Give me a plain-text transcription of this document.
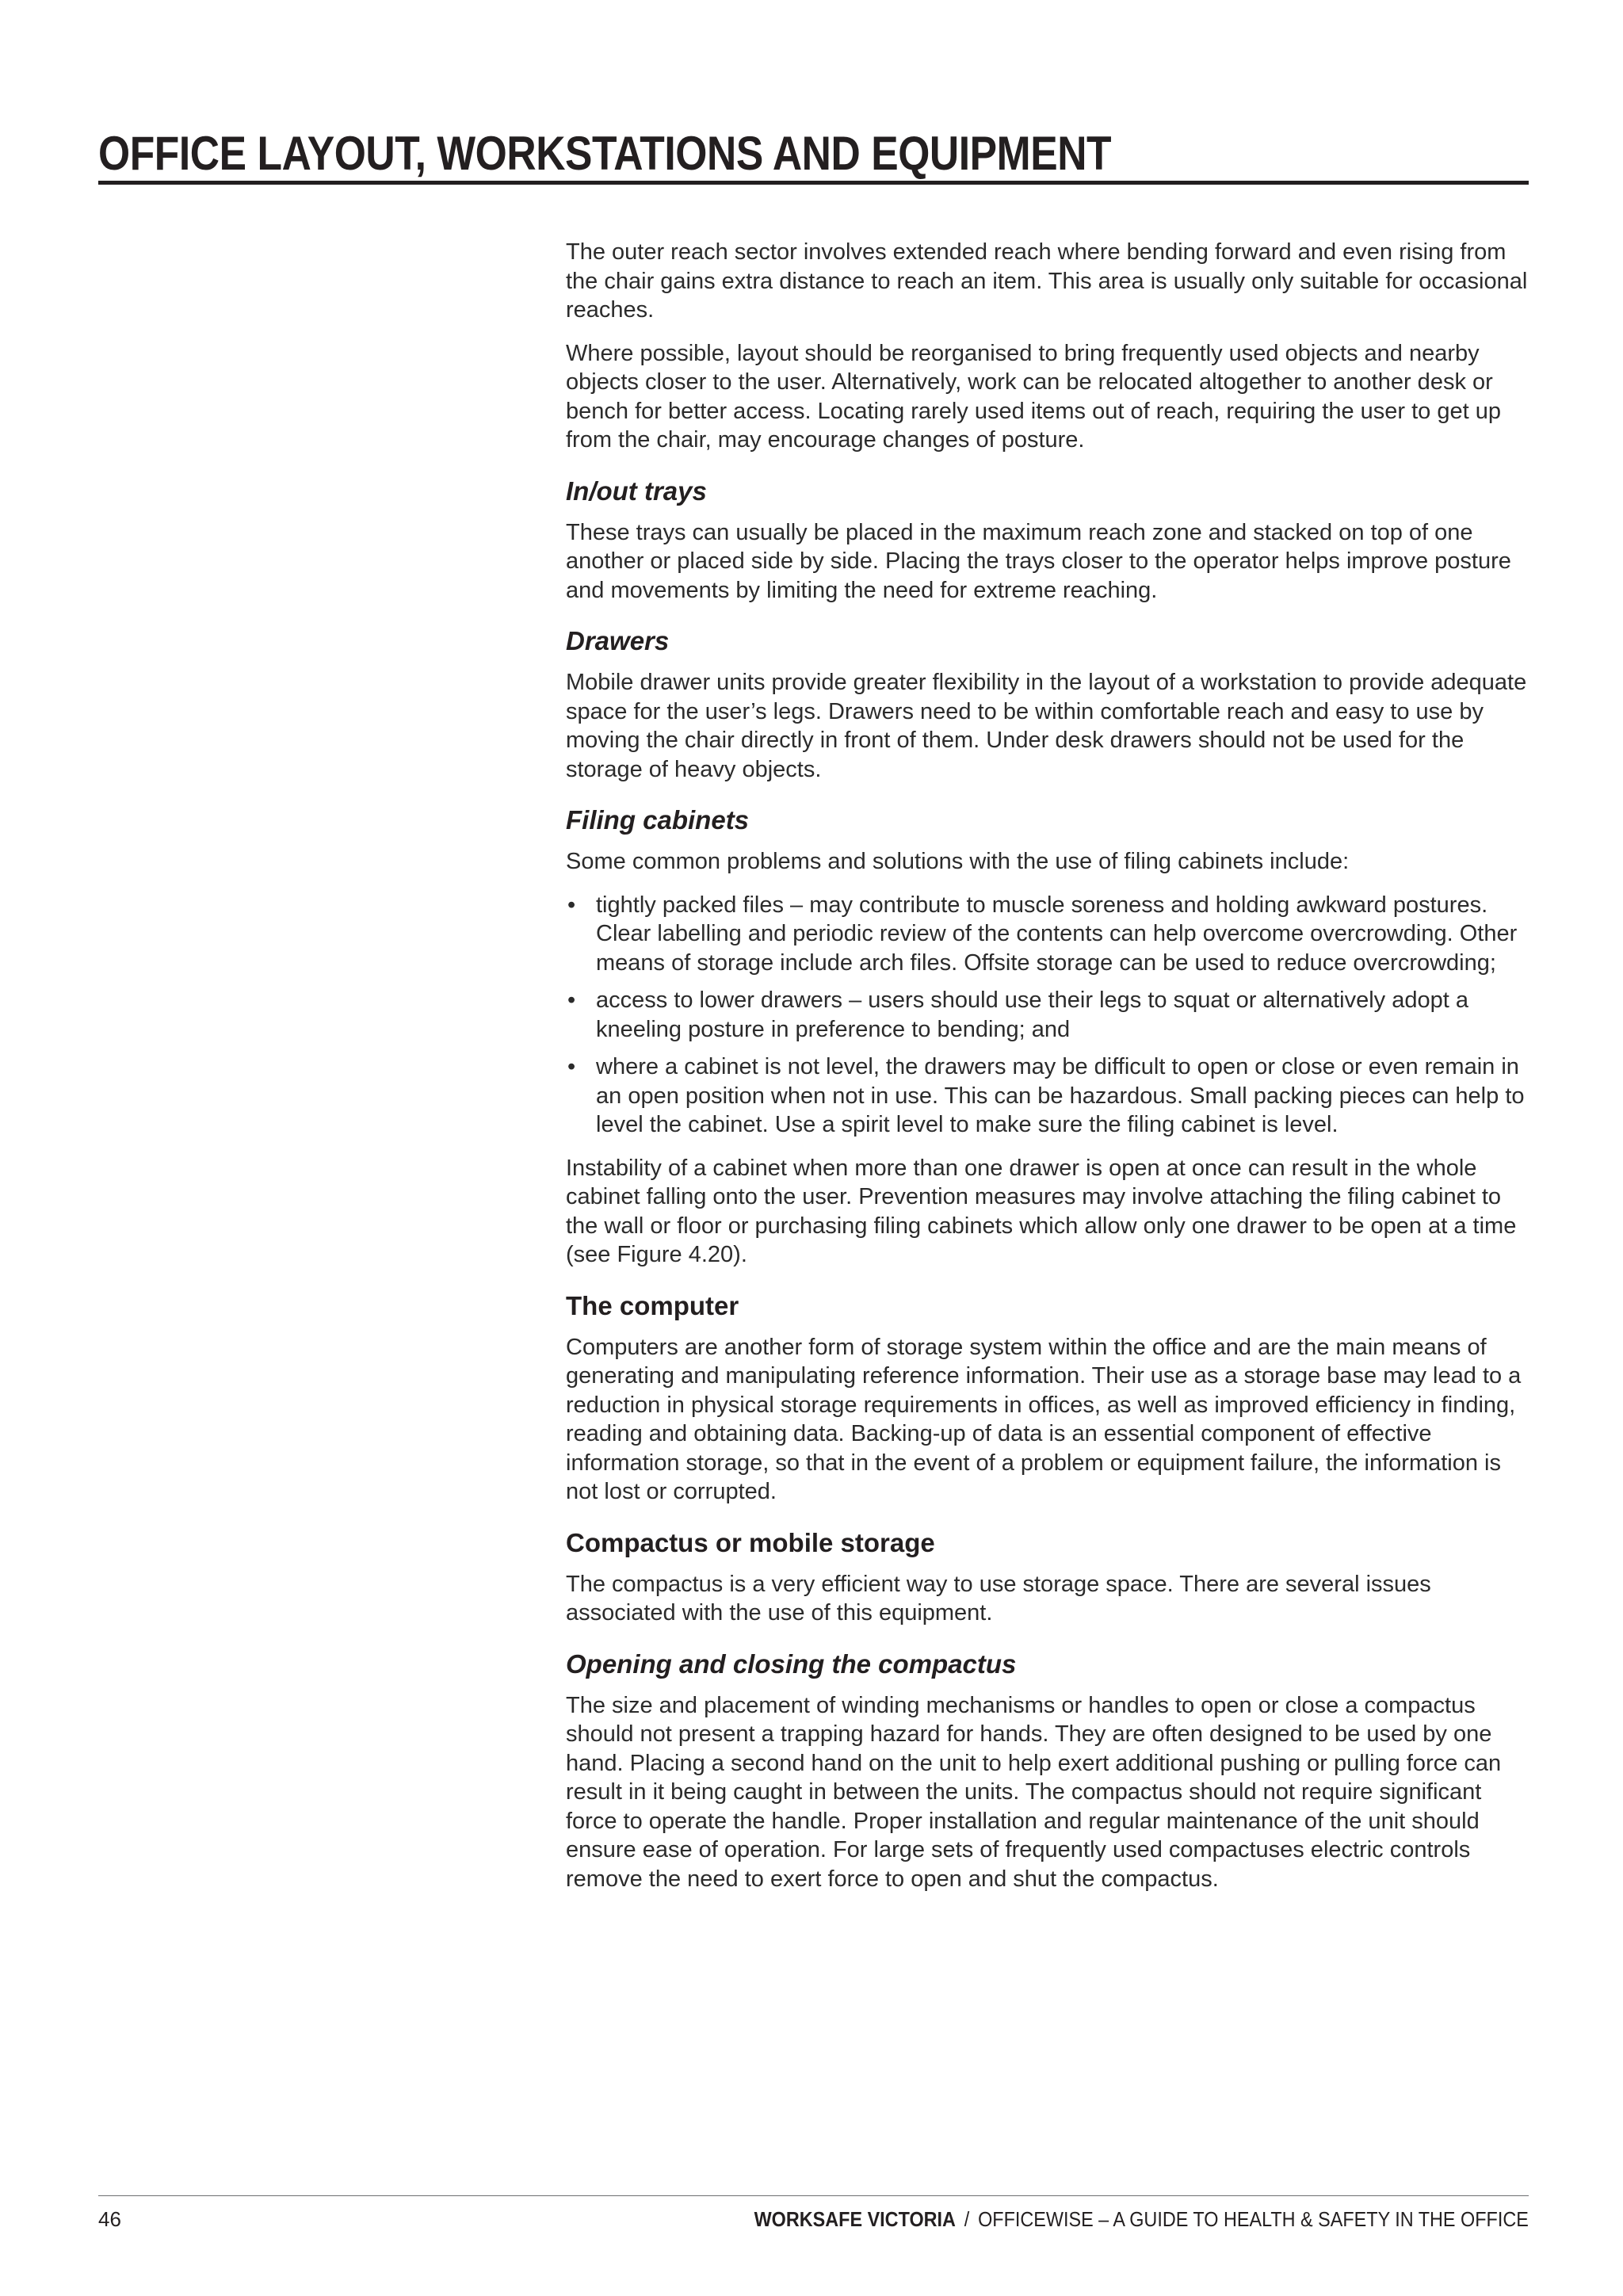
OFFICE LAYOUT, WORKSTATIONS AND EQUIPMENT

The outer reach sector involves extended reach where bending forward and even rising from the chair gains extra distance to reach an item. This area is usually only suitable for occasional reaches.

Where possible, layout should be reorganised to bring frequently used objects and nearby objects closer to the user. Alternatively, work can be relocated altogether to another desk or bench for better access. Locating rarely used items out of reach, requiring the user to get up from the chair, may encourage changes of posture.

In/out trays

These trays can usually be placed in the maximum reach zone and stacked on top of one another or placed side by side. Placing the trays closer to the operator helps improve posture and movements by limiting the need for extreme reaching.

Drawers

Mobile drawer units provide greater flexibility in the layout of a workstation to provide adequate space for the user’s legs. Drawers need to be within comfortable reach and easy to use by moving the chair directly in front of them. Under desk drawers should not be used for the storage of heavy objects.

Filing cabinets

Some common problems and solutions with the use of filing cabinets include:

• tightly packed files – may contribute to muscle soreness and holding awkward postures. Clear labelling and periodic review of the contents can help overcome overcrowding. Other means of storage include arch files. Offsite storage can be used to reduce overcrowding;
• access to lower drawers – users should use their legs to squat or alternatively adopt a kneeling posture in preference to bending; and
• where a cabinet is not level, the drawers may be difficult to open or close or even remain in an open position when not in use. This can be hazardous. Small packing pieces can help to level the cabinet. Use a spirit level to make sure the filing cabinet is level.

Instability of a cabinet when more than one drawer is open at once can result in the whole cabinet falling onto the user. Prevention measures may involve attaching the filing cabinet to the wall or floor or purchasing filing cabinets which allow only one drawer to be open at a time (see Figure 4.20).

The computer

Computers are another form of storage system within the office and are the main means of generating and manipulating reference information. Their use as a storage base may lead to a reduction in physical storage requirements in offices, as well as improved efficiency in finding, reading and obtaining data. Backing-up of data is an essential component of effective information storage, so that in the event of a problem or equipment failure, the information is not lost or corrupted.

Compactus or mobile storage

The compactus is a very efficient way to use storage space. There are several issues associated with the use of this equipment.

Opening and closing the compactus

The size and placement of winding mechanisms or handles to open or close a compactus should not present a trapping hazard for hands. They are often designed to be used by one hand. Placing a second hand on the unit to help exert additional pushing or pulling force can result in it being caught in between the units. The compactus should not require significant force to operate the handle. Proper installation and regular maintenance of the unit should ensure ease of operation. For large sets of frequently used compactuses electric controls remove the need to exert force to open and shut the compactus.

46	WORKSAFE VICTORIA / OFFICEWISE – A GUIDE TO HEALTH & SAFETY IN THE OFFICE
